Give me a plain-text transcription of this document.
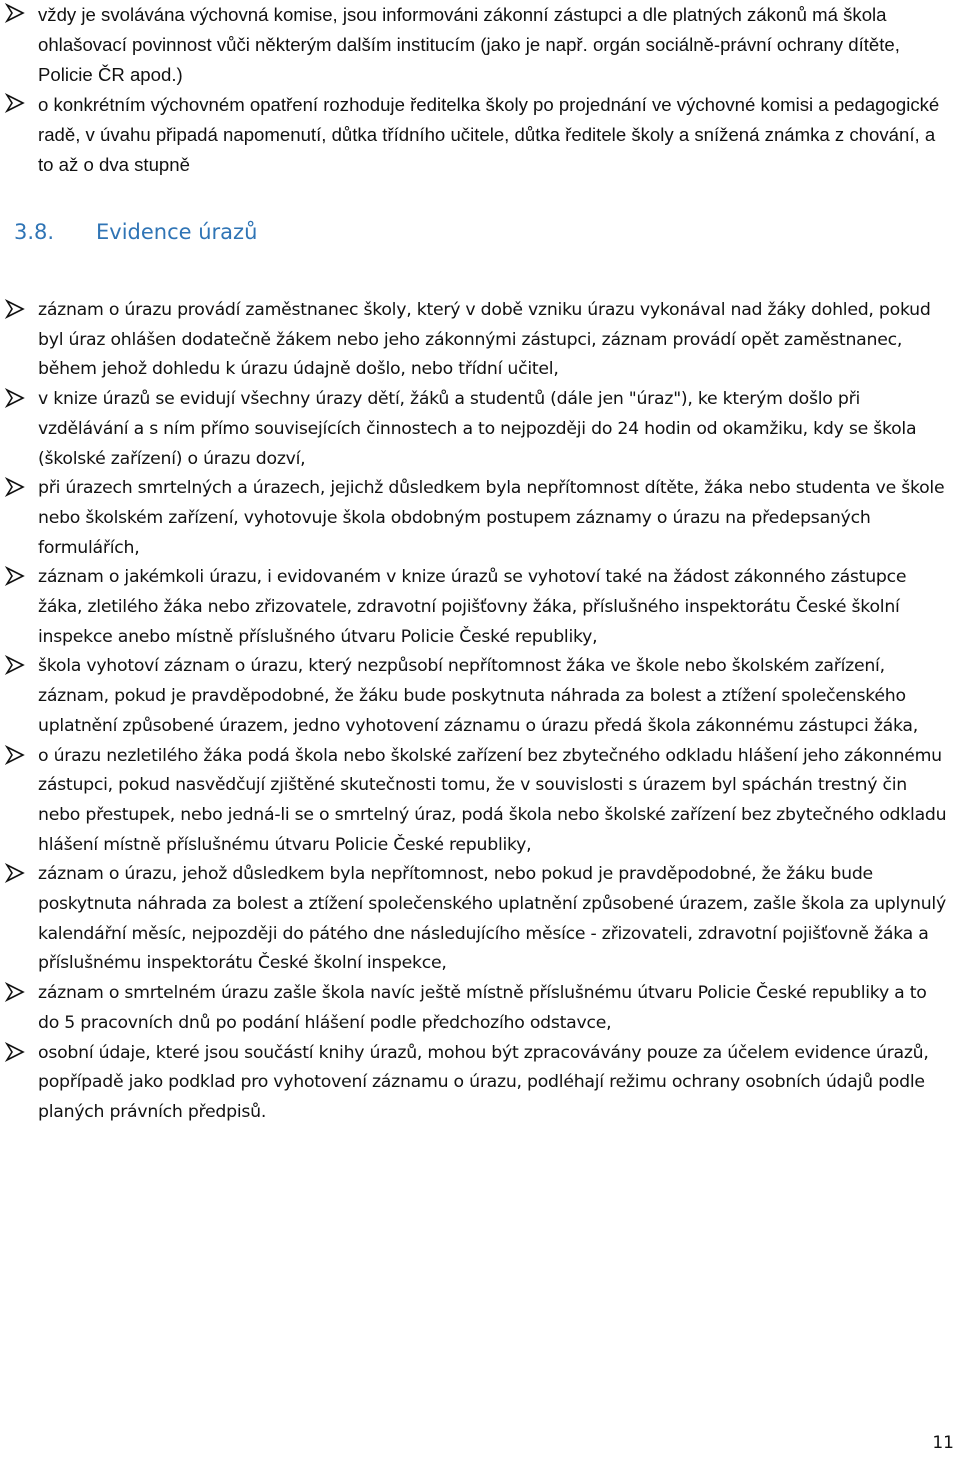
vždy je svolávána výchovná komise, jsou informováni zákonní zástupci a dle platných zákonů má škola ohlašovací povinnost vůči některým dalším institucím (jako je např. orgán sociálně-právní ochrany dítěte, Policie ČR apod.)
o konkrétním výchovném opatření rozhoduje ředitelka školy po projednání ve výchovné komisi a pedagogické radě, v úvahu připadá napomenutí, důtka třídního učitele, důtka ředitele školy a snížená známka z chování, a to až o dva stupně
3.8. Evidence úrazů
záznam o úrazu provádí zaměstnanec školy, který v době vzniku úrazu vykonával nad žáky dohled, pokud byl úraz ohlášen dodatečně žákem nebo jeho zákonnými zástupci, záznam provádí opět zaměstnanec, během jehož dohledu k úrazu údajně došlo, nebo třídní učitel,
v knize úrazů se evidují všechny úrazy dětí, žáků a studentů (dále jen "úraz"), ke kterým došlo při vzdělávání a s ním přímo souvisejících činnostech a to nejpozději do 24 hodin od okamžiku, kdy se škola (školské zařízení) o úrazu dozví,
při úrazech smrtelných a úrazech, jejichž důsledkem byla nepřítomnost dítěte, žáka nebo studenta ve škole nebo školském zařízení, vyhotovuje škola obdobným postupem záznamy o úrazu na předepsaných formulářích,
záznam o jakémkoli úrazu, i evidovaném v knize úrazů se vyhotoví také na žádost zákonného zástupce žáka, zletilého žáka nebo zřizovatele, zdravotní pojišťovny žáka, příslušného inspektorátu České školní inspekce anebo místně příslušného útvaru Policie České republiky,
škola vyhotoví záznam o úrazu, který nezpůsobí nepřítomnost žáka ve škole nebo školském zařízení, záznam, pokud je pravděpodobné, že žáku bude poskytnuta náhrada za bolest a ztížení společenského uplatnění způsobené úrazem, jedno vyhotovení záznamu o úrazu předá škola zákonnému zástupci žáka,
o úrazu nezletilého žáka podá škola nebo školské zařízení bez zbytečného odkladu hlášení jeho zákonnému zástupci, pokud nasvědčují zjištěné skutečnosti tomu, že v souvislosti s úrazem byl spáchán trestný čin nebo přestupek, nebo jedná-li se o smrtelný úraz, podá škola nebo školské zařízení bez zbytečného odkladu hlášení místně příslušnému útvaru Policie České republiky,
záznam o úrazu, jehož důsledkem byla nepřítomnost, nebo pokud je pravděpodobné, že žáku bude poskytnuta náhrada za bolest a ztížení společenského uplatnění způsobené úrazem, zašle škola za uplynulý kalendářní měsíc, nejpozději do pátého dne následujícího měsíce - zřizovateli, zdravotní pojišťovně žáka a příslušnému inspektorátu České školní inspekce,
záznam o smrtelném úrazu zašle škola navíc ještě místně příslušnému útvaru Policie České republiky a to do 5 pracovních dnů po podání hlášení podle předchozího odstavce,
osobní údaje, které jsou součástí knihy úrazů, mohou být zpracovávány pouze za účelem evidence úrazů, popřípadě jako podklad pro vyhotovení záznamu o úrazu, podléhají režimu ochrany osobních údajů podle planých právních předpisů.
11
